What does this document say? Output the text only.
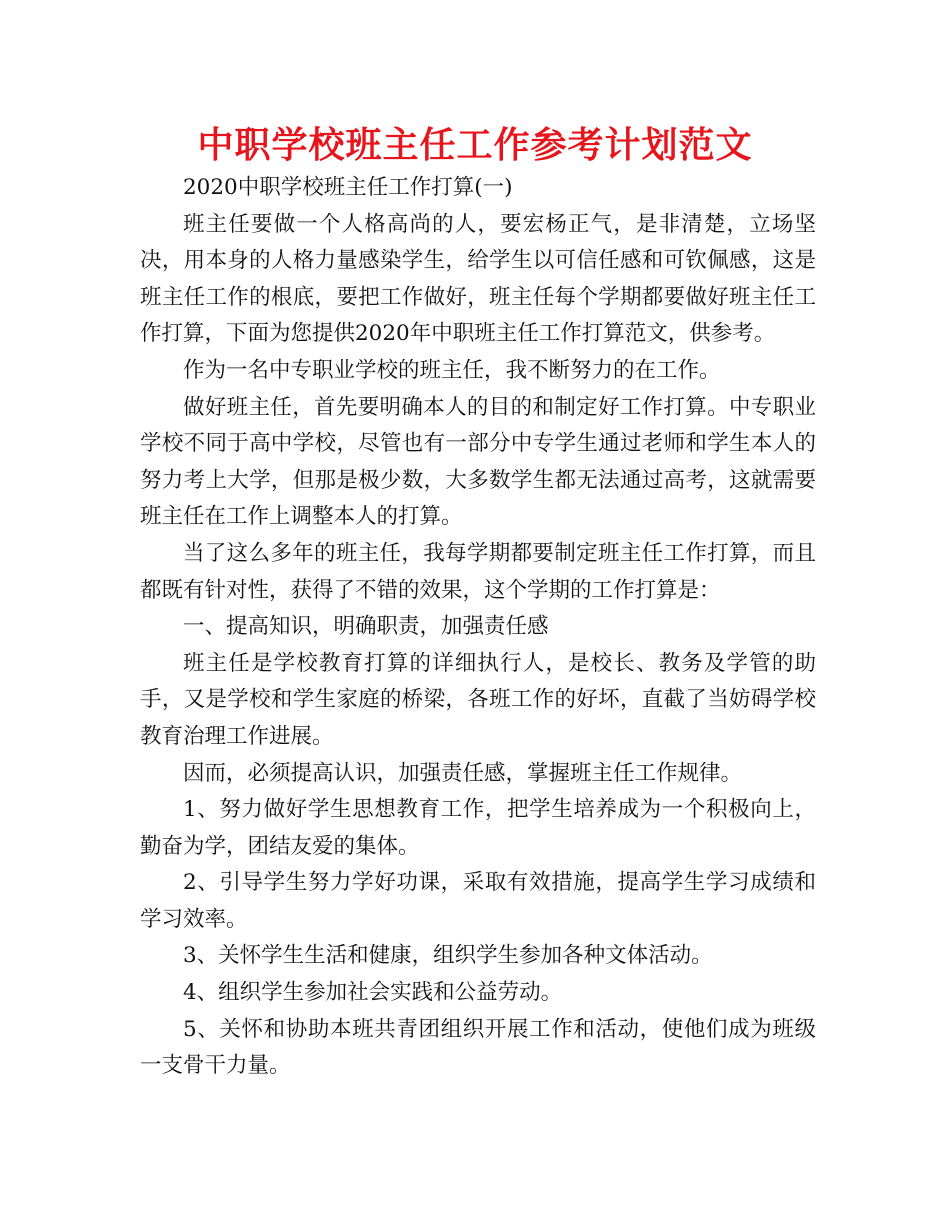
中职学校班主任工作参考计划范文

2020中职学校班主任工作打算(一)

班主任要做一个人格高尚的人，要宏杨正气，是非清楚，立场坚决，用本身的人格力量感染学生，给学生以可信任感和可钦佩感，这是班主任工作的根底，要把工作做好，班主任每个学期都要做好班主任工作打算，下面为您提供2020年中职班主任工作打算范文，供参考。

作为一名中专职业学校的班主任，我不断努力的在工作。

做好班主任，首先要明确本人的目的和制定好工作打算。中专职业学校不同于高中学校，尽管也有一部分中专学生通过老师和学生本人的努力考上大学，但那是极少数，大多数学生都无法通过高考，这就需要班主任在工作上调整本人的打算。

当了这么多年的班主任，我每学期都要制定班主任工作打算，而且都既有针对性，获得了不错的效果，这个学期的工作打算是：

一、提高知识，明确职责，加强责任感

班主任是学校教育打算的详细执行人，是校长、教务及学管的助手，又是学校和学生家庭的桥梁，各班工作的好坏，直截了当妨碍学校教育治理工作进展。

因而，必须提高认识，加强责任感，掌握班主任工作规律。

1、努力做好学生思想教育工作，把学生培养成为一个积极向上，勤奋为学，团结友爱的集体。

2、引导学生努力学好功课，采取有效措施，提高学生学习成绩和学习效率。

3、关怀学生生活和健康，组织学生参加各种文体活动。

4、组织学生参加社会实践和公益劳动。

5、关怀和协助本班共青团组织开展工作和活动，使他们成为班级一支骨干力量。
